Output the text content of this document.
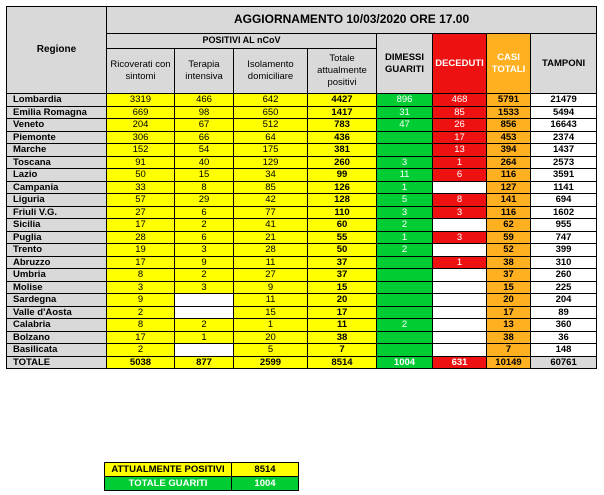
Regione	AGGIORNAMENTO 10/03/2020 ORE 17.00							
	POSITIVI AL nCoV				DIMESSI GUARITI	DECEDUTI	CASI TOTALI	TAMPONI
	Ricoverati con sintomi	Terapia intensiva	Isolamento domiciliare	Totale attualmente positivi				
Lombardia	3319	466	642	4427	896	468	5791	21479
Emilia Romagna	669	98	650	1417	31	85	1533	5494
Veneto	204	67	512	783	47	26	856	16643
Piemonte	306	66	64	436		17	453	2374
Marche	152	54	175	381		13	394	1437
Toscana	91	40	129	260	3	1	264	2573
Lazio	50	15	34	99	11	6	116	3591
Campania	33	8	85	126	1		127	1141
Liguria	57	29	42	128	5	8	141	694
Friuli V.G.	27	6	77	110	3	3	116	1602
Sicilia	17	2	41	60	2		62	955
Puglia	28	6	21	55	1	3	59	747
Trento	19	3	28	50	2		52	399
Abruzzo	17	9	11	37		1	38	310
Umbria	8	2	27	37			37	260
Molise	3	3	9	15			15	225
Sardegna	9		11	20			20	204
Valle d'Aosta	2		15	17			17	89
Calabria	8	2	1	11	2		13	360
Bolzano	17	1	20	38			38	36
Basilicata	2		5	7			7	148
TOTALE	5038	877	2599	8514	1004	631	10149	60761
ATTUALMENTE POSITIVI	8514
TOTALE GUARITI	1004
